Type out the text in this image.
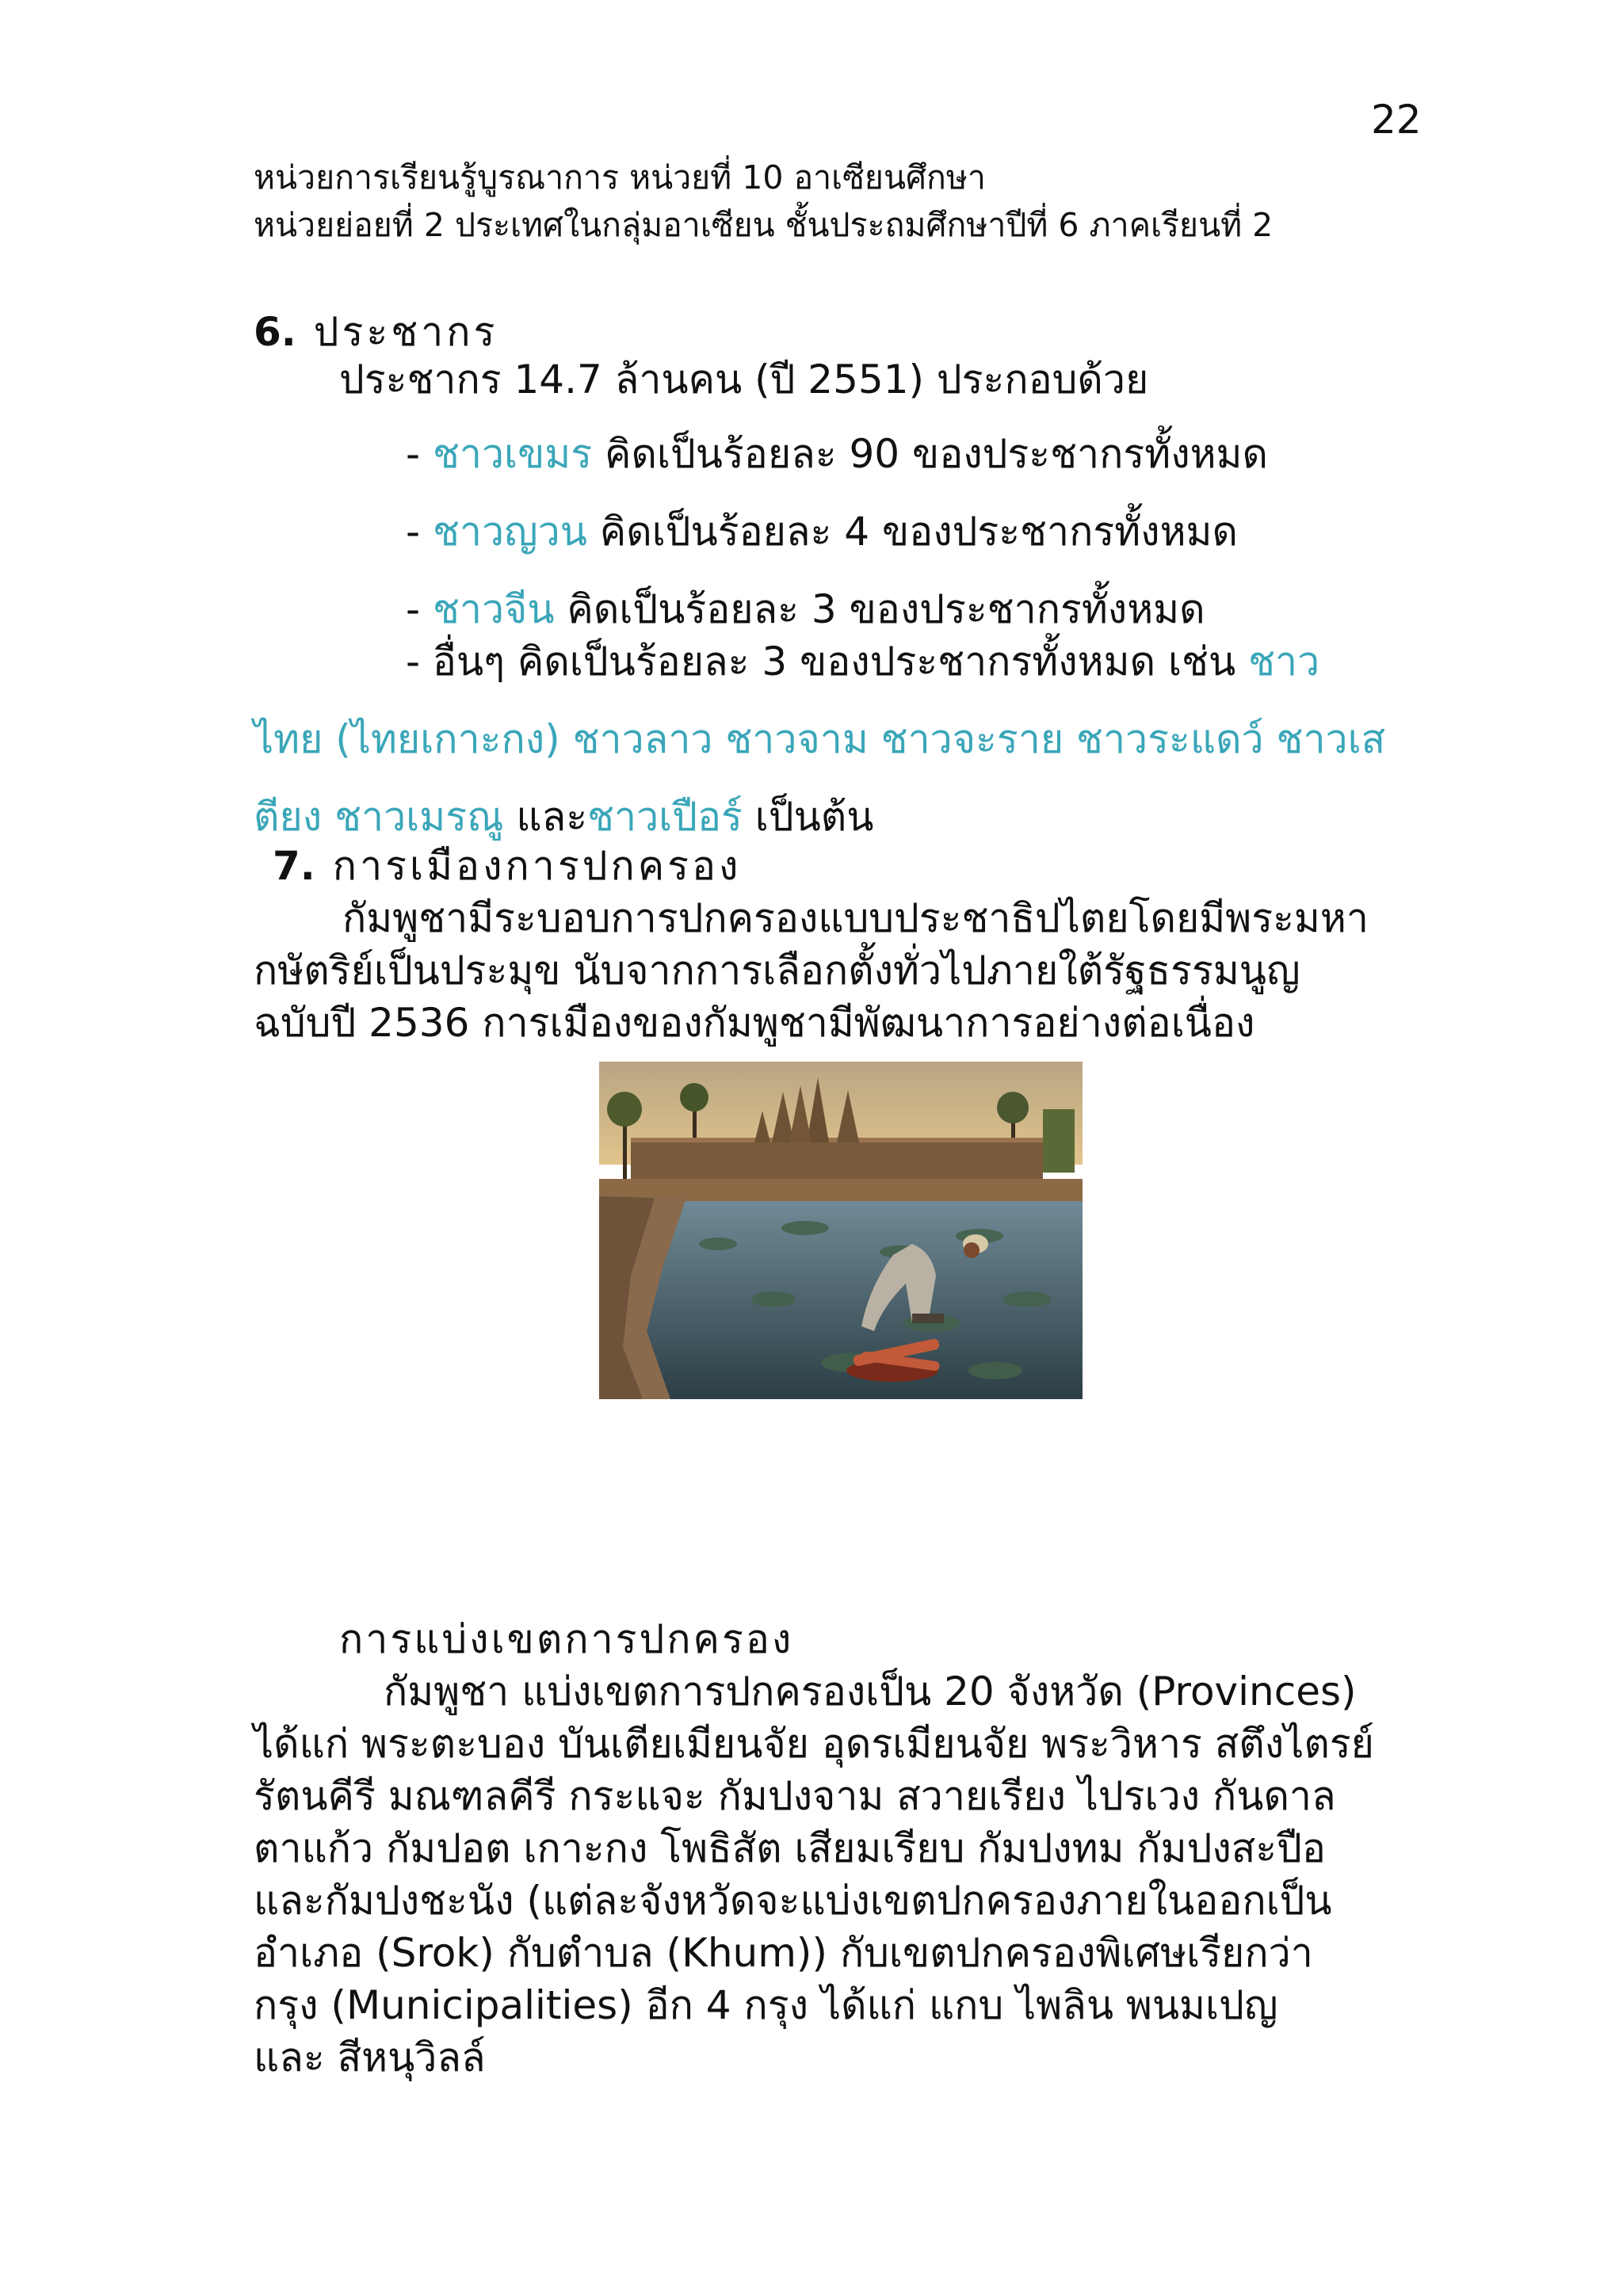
22
หน่วยการเรียนรู้บูรณาการ หน่วยที่ 10 อาเซียนศึกษา
หน่วยย่อยที่ 2 ประเทศในกลุ่มอาเซียน ชั้นประถมศึกษาปีที่ 6 ภาคเรียนที่ 2
6. ประชากร
ประชากร 14.7 ล้านคน (ปี 2551) ประกอบด้วย
- ชาวเขมร คิดเป็นร้อยละ 90 ของประชากรทั้งหมด
- ชาวญวน คิดเป็นร้อยละ 4 ของประชากรทั้งหมด
- ชาวจีน คิดเป็นร้อยละ 3 ของประชากรทั้งหมด
- อื่นๆ คิดเป็นร้อยละ 3 ของประชากรทั้งหมด เช่น ชาว
ไทย (ไทยเกาะกง) ชาวลาว ชาวจาม ชาวจะราย ชาวระแดว์ ชาวเส
ตียง ชาวเมรณู และชาวเปือร์ เป็นต้น
7. การเมืองการปกครอง
กัมพูชามีระบอบการปกครองแบบประชาธิปไตยโดยมีพระมหา
กษัตริย์เป็นประมุข นับจากการเลือกตั้งทั่วไปภายใต้รัฐธรรมนูญ
ฉบับปี 2536 การเมืองของกัมพูชามีพัฒนาการอย่างต่อเนื่อง
การแบ่งเขตการปกครอง
กัมพูชา แบ่งเขตการปกครองเป็น 20 จังหวัด (Provinces)
ได้แก่ พระตะบอง บันเตียเมียนจัย อุดรเมียนจัย พระวิหาร สตึงไตรย์
รัตนคีรี มณฑลคีรี กระแจะ กัมปงจาม สวายเรียง ไปรเวง กันดาล
ตาแก้ว กัมปอต เกาะกง โพธิสัต เสียมเรียบ กัมปงทม กัมปงสะปือ
และกัมปงชะนัง (แต่ละจังหวัดจะแบ่งเขตปกครองภายในออกเป็น
อำเภอ (Srok) กับตำบล (Khum)) กับเขตปกครองพิเศษเรียกว่า
กรุง (Municipalities) อีก 4 กรุง ได้แก่ แกบ ไพลิน พนมเปญ
และ สีหนุวิลล์
